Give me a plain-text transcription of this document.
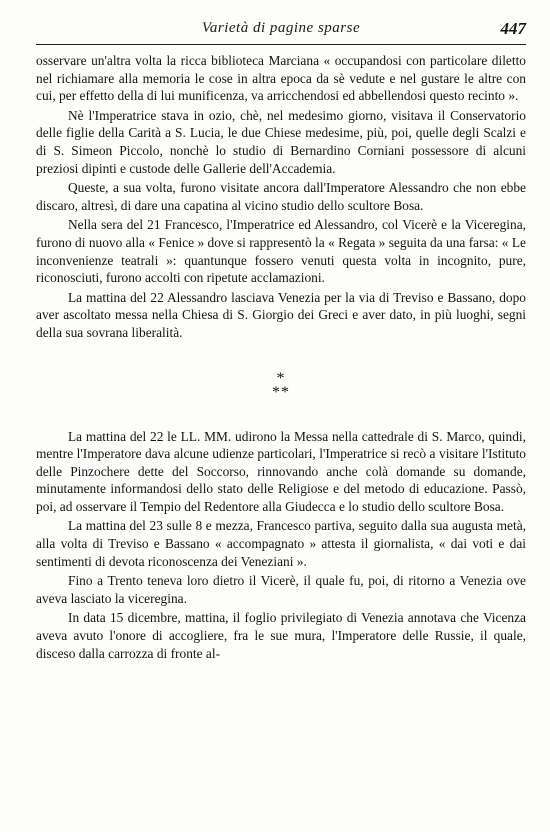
Varietà di pagine sparse	447

osservare un'altra volta la ricca biblioteca Marciana « occupandosi con particolare diletto nel richiamare alla memoria le cose in altra epoca da sè vedute e nel gustare le altre con cui, per effetto della di lui munificenza, va arricchendosi ed abbellendosi questo recinto ».

Nè l'Imperatrice stava in ozio, chè, nel medesimo giorno, visitava il Conservatorio delle figlie della Carità a S. Lucia, le due Chiese medesime, più, poi, quelle degli Scalzi e di S. Simeon Piccolo, nonchè lo studio di Bernardino Corniani possessore di alcuni preziosi dipinti e custode delle Gallerie dell'Accademia.

Queste, a sua volta, furono visitate ancora dall'Imperatore Alessandro che non ebbe discaro, altresì, di dare una capatina al vicino studio dello scultore Bosa.

Nella sera del 21 Francesco, l'Imperatrice ed Alessandro, col Vicerè e la Viceregina, furono di nuovo alla « Fenice » dove si rappresentò la « Regata » seguita da una farsa: « Le inconvenienze teatrali »: quantunque fossero venuti questa volta in incognito, pure, riconosciuti, furono accolti con ripetute acclamazioni.

La mattina del 22 Alessandro lasciava Venezia per la via di Treviso e Bassano, dopo aver ascoltato messa nella Chiesa di S. Giorgio dei Greci e aver dato, in più luoghi, segni della sua sovrana liberalità.

*
**

La mattina del 22 le LL. MM. udirono la Messa nella cattedrale di S. Marco, quindi, mentre l'Imperatore dava alcune udienze particolari, l'Imperatrice si recò a visitare l'Istituto delle Pinzochere dette del Soccorso, rinnovando anche colà domande su domande, minutamente informandosi dello stato delle Religiose e del metodo di educazione. Passò, poi, ad osservare il Tempio del Redentore alla Giudecca e lo studio dello scultore Bosa.

La mattina del 23 sulle 8 e mezza, Francesco partiva, seguito dalla sua augusta metà, alla volta di Treviso e Bassano « accompagnato » attesta il giornalista, « dai voti e dai sentimenti di devota riconoscenza dei Veneziani ».

Fino a Trento teneva loro dietro il Vicerè, il quale fu, poi, di ritorno a Venezia ove aveva lasciato la viceregina.

In data 15 dicembre, mattina, il foglio privilegiato di Venezia annotava che Vicenza aveva avuto l'onore di accogliere, fra le sue mura, l'Imperatore delle Russie, il quale, disceso dalla carrozza di fronte al-
